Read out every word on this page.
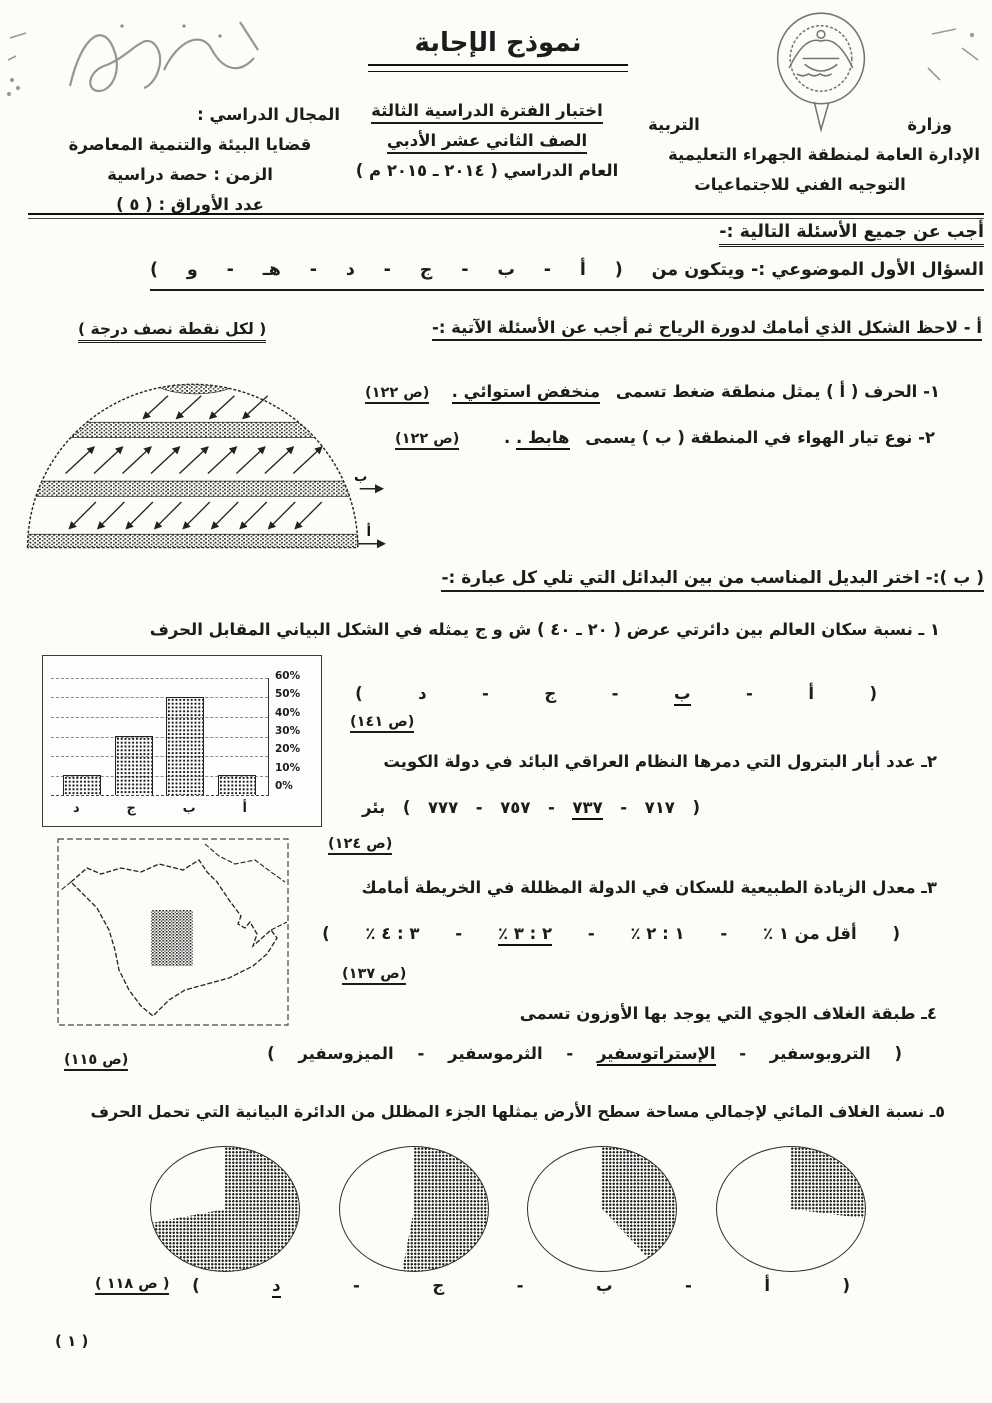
نموذج الإجابة
وزارة
التربية
الإدارة العامة لمنطقة الجهراء التعليمية
التوجيه الفني للاجتماعيات
اختبار الفترة الدراسية الثالثة
الصف الثاني عشر الأدبي
العام الدراسي ( ٢٠١٤ ـ ٢٠١٥ م )
المجال الدراسي :
قضايا البيئة والتنمية المعاصرة
الزمن : حصة دراسية
عدد الأوراق : ( ٥ )
أجب عن جميع الأسئلة التالية :-
السؤال الأول الموضوعي :- ويتكون من
(
أ
-
ب
-
ج
-
د
-
هـ
-
و
)
أ - لاحظ الشكل الذي أمامك لدورة الرياح ثم أجب عن الأسئلة الآتية :-
( لكل نقطة نصف درجة )
ب
أ
١- الحرف ( أ ) يمثل منطقة ضغط تسمى منخفض استوائي .
(ص ١٢٢)
٢- نوع تيار الهواء في المنطقة ( ب ) يسمى هابط . .
(ص ١٢٢)
( ب ):- اختر البديل المناسب من بين البدائل التي تلي كل عبارة :-
١ ـ نسبة سكان العالم بين دائرتي عرض ( ٢٠ ـ ٤٠ ) ش و ج يمثله في الشكل البياني المقابل الحرف
60%
50%
40%
30%
20%
10%
0%
أ
ب
ج
د
(
أ
-
ب
-
ج
-
د
)
(ص ١٤١)
٢ـ عدد أبار البترول التي دمرها النظام العراقي البائد في دولة الكويت
(
٧١٧
-
٧٣٧
-
٧٥٧
-
٧٧٧
)
بئر
(ص ١٢٤)
٣ـ معدل الزيادة الطبيعية للسكان في الدولة المظللة في الخريطة أمامك
(
أقل من ١ ٪
-
١ : ٢ ٪
-
٢ : ٣ ٪
-
٣ : ٤ ٪
)
(ص ١٣٧)
٤ـ طبقة الغلاف الجوي التي يوجد بها الأوزون تسمى
(
التروبوسفير
-
الإستراتوسفير
-
الثرموسفير
-
الميزوسفير
)
(ص ١١٥)
٥ـ نسبة الغلاف المائي لإجمالي مساحة سطح الأرض يمثلها الجزء المظلل من الدائرة البيانية التي تحمل الحرف
(
أ
-
ب
-
ج
-
د
)
( ص ١١٨ )
( ١ )
